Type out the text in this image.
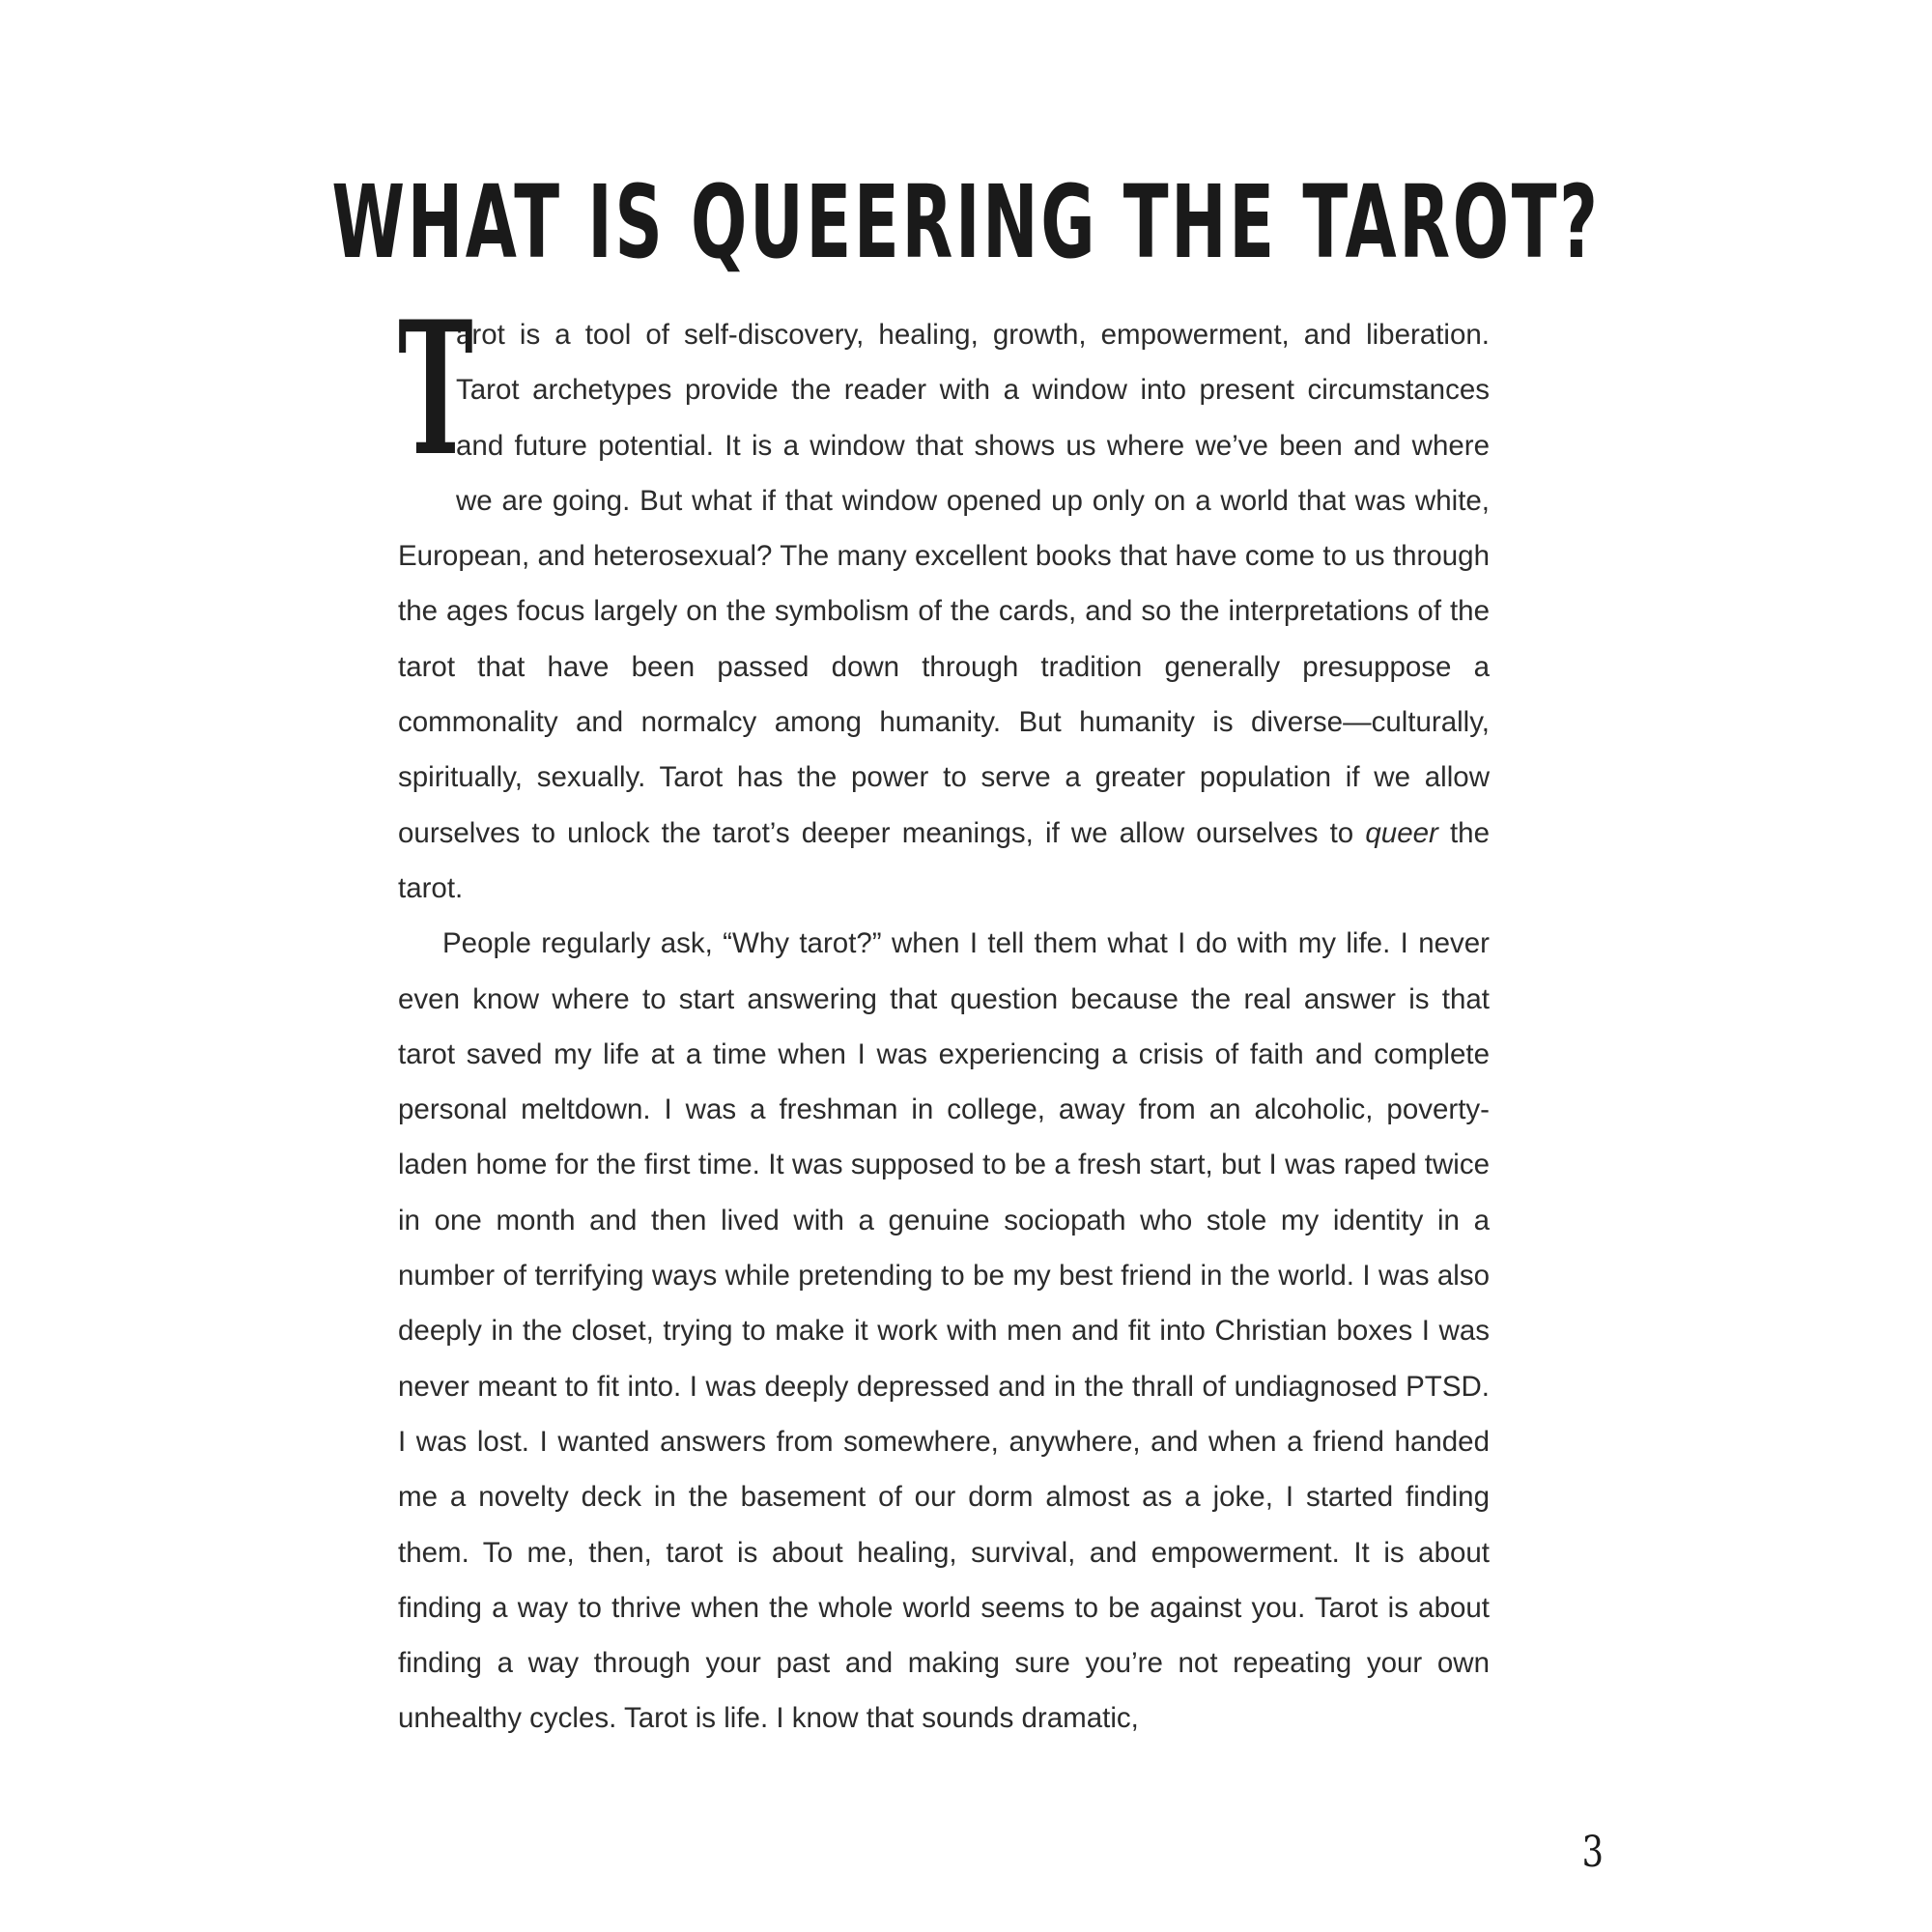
WHAT IS QUEERING THE TAROT?

T
arot is a tool of self-discovery, healing, growth, empowerment, and liberation. Tarot archetypes provide the reader with a window into present circumstances and future potential. It is a window that shows us where we’ve been and where we are going. But what if that window opened up only on a world that was white, European, and heterosexual? The many excellent books that have come to us through the ages focus largely on the symbolism of the cards, and so the interpretations of the tarot that have been passed down through tradition generally presuppose a commonality and normalcy among humanity. But humanity is diverse—culturally, spiritually, sexually. Tarot has the power to serve a greater population if we allow ourselves to unlock the tarot’s deeper meanings, if we allow ourselves to queer the tarot.

People regularly ask, “Why tarot?” when I tell them what I do with my life. I never even know where to start answering that question because the real answer is that tarot saved my life at a time when I was experiencing a crisis of faith and complete personal meltdown. I was a freshman in college, away from an alcoholic, poverty-laden home for the first time. It was supposed to be a fresh start, but I was raped twice in one month and then lived with a genuine sociopath who stole my identity in a number of terrifying ways while pretending to be my best friend in the world. I was also deeply in the closet, trying to make it work with men and fit into Christian boxes I was never meant to fit into. I was deeply depressed and in the thrall of undiagnosed PTSD. I was lost. I wanted answers from somewhere, anywhere, and when a friend handed me a novelty deck in the basement of our dorm almost as a joke, I started finding them. To me, then, tarot is about healing, survival, and empowerment. It is about finding a way to thrive when the whole world seems to be against you. Tarot is about finding a way through your past and making sure you’re not repeating your own unhealthy cycles. Tarot is life. I know that sounds dramatic,

3
